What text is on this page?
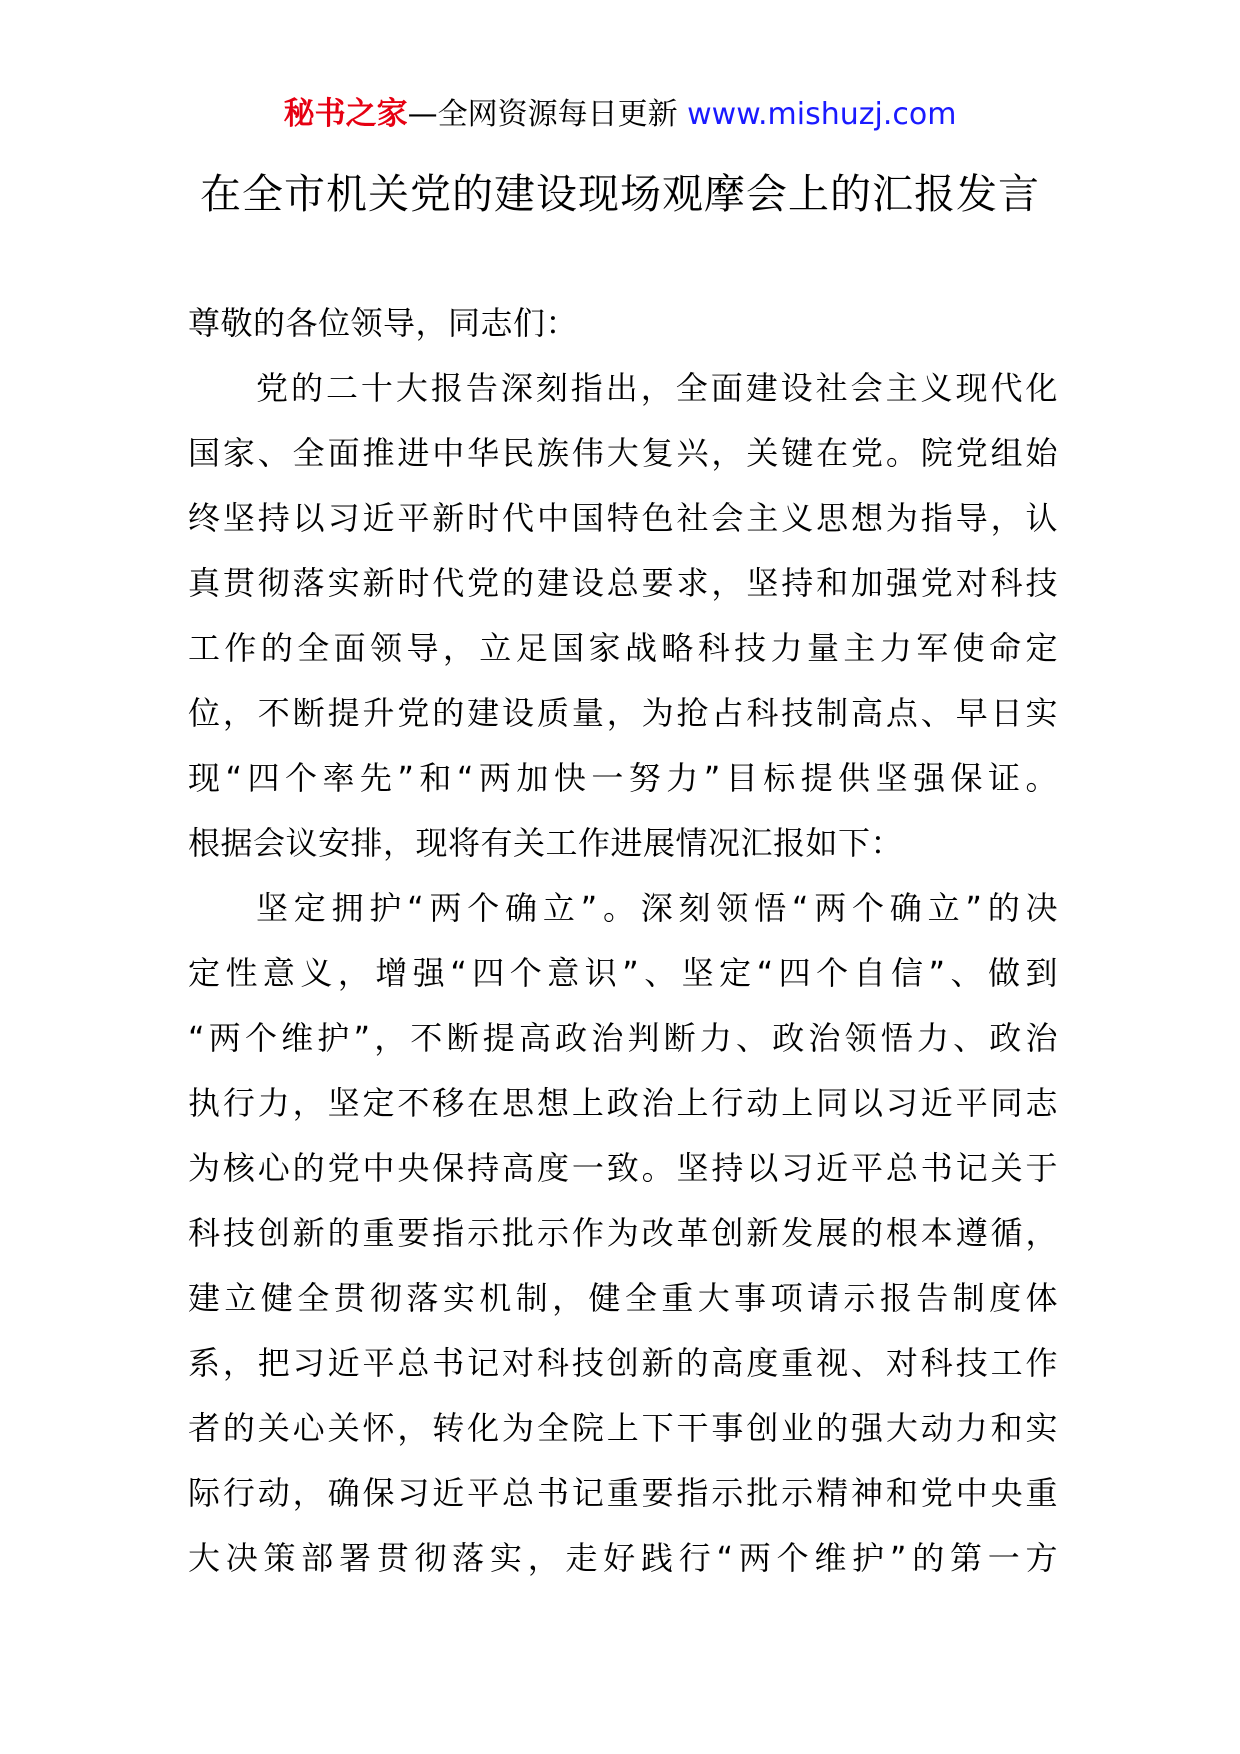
秘书之家—全网资源每日更新 www.mishuzj.com
在全市机关党的建设现场观摩会上的汇报发言
尊敬的各位领导，同志们：
党的二十大报告深刻指出，全面建设社会主义现代化
国家、全面推进中华民族伟大复兴，关键在党。院党组始
终坚持以习近平新时代中国特色社会主义思想为指导，认
真贯彻落实新时代党的建设总要求，坚持和加强党对科技
工作的全面领导，立足国家战略科技力量主力军使命定
位，不断提升党的建设质量，为抢占科技制高点、早日实
现“四个率先”和“两加快一努力”目标提供坚强保证。
根据会议安排，现将有关工作进展情况汇报如下：
坚定拥护“两个确立”。深刻领悟“两个确立”的决
定性意义，增强“四个意识”、坚定“四个自信”、做到
“两个维护”，不断提高政治判断力、政治领悟力、政治
执行力，坚定不移在思想上政治上行动上同以习近平同志
为核心的党中央保持高度一致。坚持以习近平总书记关于
科技创新的重要指示批示作为改革创新发展的根本遵循，
建立健全贯彻落实机制，健全重大事项请示报告制度体
系，把习近平总书记对科技创新的高度重视、对科技工作
者的关心关怀，转化为全院上下干事创业的强大动力和实
际行动，确保习近平总书记重要指示批示精神和党中央重
大决策部署贯彻落实，走好践行“两个维护”的第一方
